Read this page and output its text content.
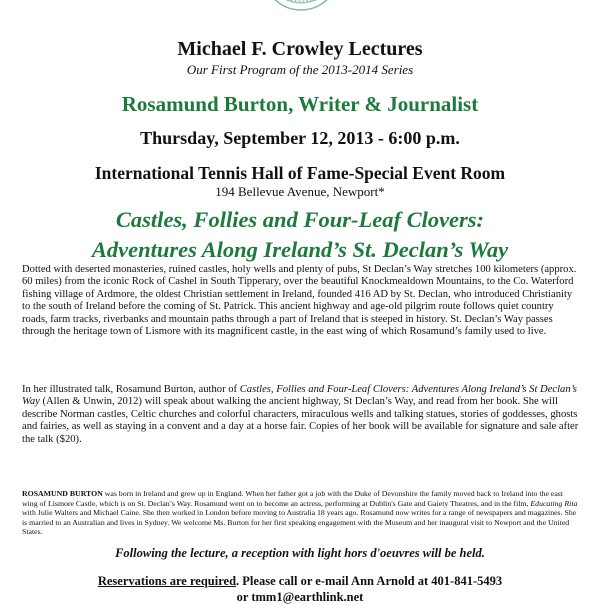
Michael F. Crowley Lectures
Our First Program of the 2013-2014 Series
Rosamund Burton, Writer & Journalist
Thursday, September 12, 2013 - 6:00 p.m.
International Tennis Hall of Fame-Special Event Room
194 Bellevue Avenue, Newport*
Castles, Follies and Four-Leaf Clovers:
Adventures Along Ireland’s St. Declan’s Way

Dotted with deserted monasteries, ruined castles, holy wells and plenty of pubs, St Declan’s Way stretches 100 kilometers (approx. 60 miles) from the iconic Rock of Cashel in South Tipperary, over the beautiful Knockmealdown Mountains, to the Co. Waterford fishing village of Ardmore, the oldest Christian settlement in Ireland, founded 416 AD by St. Declan, who introduced Christianity to the south of Ireland before the coming of St. Patrick. This ancient highway and age-old pilgrim route follows quiet country roads, farm tracks, riverbanks and mountain paths through a part of Ireland that is steeped in history. St. Declan’s Way passes through the heritage town of Lismore with its magnificent castle, in the east wing of which Rosamund’s family used to live.

In her illustrated talk, Rosamund Burton, author of Castles, Follies and Four-Leaf Clovers: Adventures Along Ireland’s St Declan’s Way (Allen & Unwin, 2012) will speak about walking the ancient highway, St Declan’s Way, and read from her book. She will describe Norman castles, Celtic churches and colorful characters, miraculous wells and talking statues, stories of goddesses, ghosts and fairies, as well as staying in a convent and a day at a horse fair. Copies of her book will be available for signature and sale after the talk ($20).

ROSAMUND BURTON was born in Ireland and grew up in England. When her father got a job with the Duke of Devonshire the family moved back to Ireland into the east wing of Lismore Castle, which is on St. Declan’s Way. Rosamund went on to become an actress, performing at Dublin's Gate and Gaiety Theatres, and in the film, Educating Rita with Julie Walters and Michael Caine. She then worked in London before moving to Australia 18 years ago. Rosamund now writes for a range of newspapers and magazines. She is married to an Australian and lives in Sydney. We welcome Ms. Burton for her first speaking engagement with the Museum and her inaugural visit to Newport and the United States.

Following the lecture, a reception with light hors d'oeuvres will be held.
Reservations are required. Please call or e-mail Ann Arnold at 401-841-5493
or tmm1@earthlink.net
